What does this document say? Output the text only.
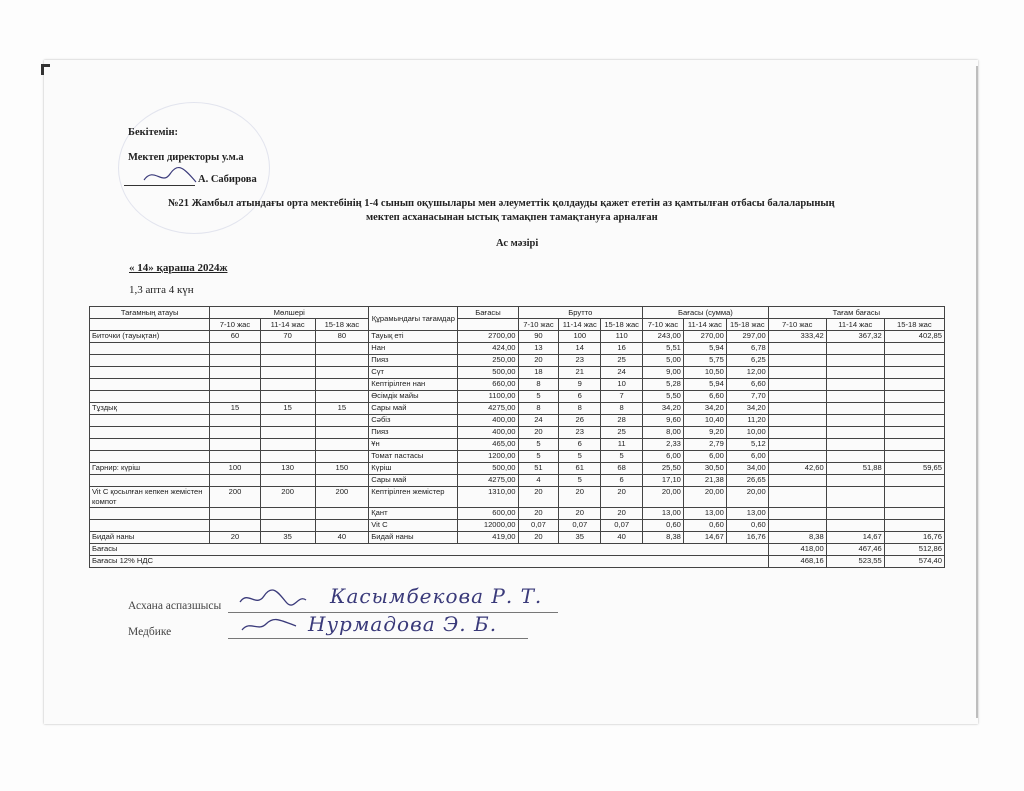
Бекітемін:
Мектеп директоры у.м.а
А. Сабирова
№21 Жамбыл атындағы орта мектебінің 1-4 сынып оқушылары мен әлеуметтік қолдауды қажет ететін аз қамтылған отбасы балаларының
мектеп асханасынан ыстық тамақпен тамақтануға арналған
Ас мәзірі
« 14» қараша 2024ж
1,3 апта 4 күн
Тағамның атауы	Мөлшері			Құрамындағы тағамдар	Бағасы	Брутто			Бағасы (сумма)			Тағам бағасы		
	7-10 жас	11-14 жас	15-18 жас			7-10 жас	11-14 жас	15-18 жас	7-10 жас	11-14 жас	15-18 жас	7-10 жас	11-14 жас	15-18 жас
Биточки (тауықтан)	60	70	80	Тауық еті	2700,00	90	100	110	243,00	270,00	297,00	333,42	367,32	402,85
				Нан	424,00	13	14	16	5,51	5,94	6,78			
				Пияз	250,00	20	23	25	5,00	5,75	6,25			
				Сүт	500,00	18	21	24	9,00	10,50	12,00			
				Кептірілген нан	660,00	8	9	10	5,28	5,94	6,60			
				Өсімдік майы	1100,00	5	6	7	5,50	6,60	7,70			
Тұздық	15	15	15	Сары май	4275,00	8	8	8	34,20	34,20	34,20			
				Сәбіз	400,00	24	26	28	9,60	10,40	11,20			
				Пияз	400,00	20	23	25	8,00	9,20	10,00			
				Ұн	465,00	5	6	11	2,33	2,79	5,12			
				Томат пастасы	1200,00	5	5	5	6,00	6,00	6,00			
Гарнир: күріш	100	130	150	Күріш	500,00	51	61	68	25,50	30,50	34,00	42,60	51,88	59,65
				Сары май	4275,00	4	5	6	17,10	21,38	26,65			
Vit C қосылған кепкен жемістен компот	200	200	200	Кептірілген жемістер	1310,00	20	20	20	20,00	20,00	20,00			
				Қант	600,00	20	20	20	13,00	13,00	13,00			
				Vit C	12000,00	0,07	0,07	0,07	0,60	0,60	0,60			
Бидай наны	20	35	40	Бидай наны	419,00	20	35	40	8,38	14,67	16,76	8,38	14,67	16,76
Бағасы												418,00	467,46	512,86
Бағасы 12% НДС												468,16	523,55	574,40
Асхана аспазшысы	Касымбекова Р. Т.
Медбике	Нурмадова Э. Б.
